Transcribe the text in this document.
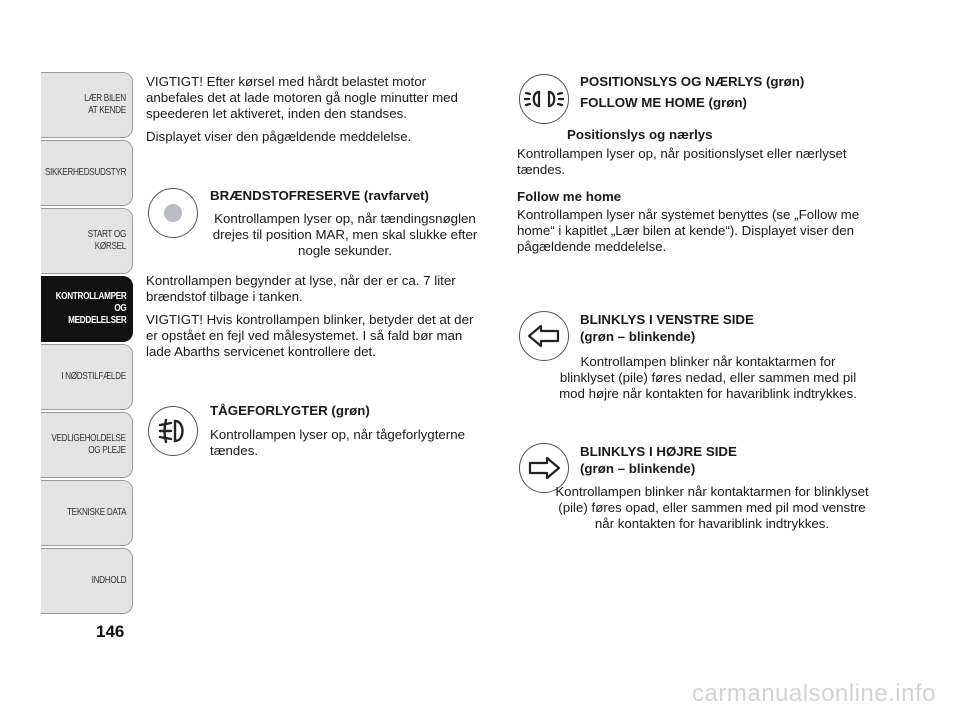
LÆR BILEN
AT KENDE
SIKKERHEDSUDSTYR
START OG KØRSEL
KONTROLLAMPER
OG MEDDELELSER
I NØDSTILFÆLDE
VEDLIGEHOLDELSE
OG PLEJE
TEKNISKE DATA
INDHOLD
146

VIGTIGT! Efter kørsel med hårdt belastet motor anbefales det at lade motoren gå nogle minutter med speederen let aktiveret, inden den standses.

Displayet viser den pågældende meddelelse.

BRÆNDSTOFRESERVE (ravfarvet)

Kontrollampen lyser op, når tændingsnøglen drejes til position MAR, men skal slukke efter nogle sekunder.

Kontrollampen begynder at lyse, når der er ca. 7 liter brændstof tilbage i tanken.

VIGTIGT! Hvis kontrollampen blinker, betyder det at der er opstået en fejl ved målesystemet. I så fald bør man lade Abarths servicenet kontrollere det.

TÅGEFORLYGTER (grøn)

Kontrollampen lyser op, når tågeforlygterne tændes.

POSITIONSLYS OG NÆRLYS (grøn)

FOLLOW ME HOME (grøn)

Positionslys og nærlys

Kontrollampen lyser op, når positionslyset eller nærlyset tændes.

Follow me home

Kontrollampen lyser når systemet benyttes (se „Follow me home“ i kapitlet „Lær bilen at kende“). Displayet viser den pågældende meddelelse.

BLINKLYS I VENSTRE SIDE

(grøn – blinkende)

Kontrollampen blinker når kontaktarmen for blinklyset (pile) føres nedad, eller sammen med pil mod højre når kontakten for havariblink indtrykkes.

BLINKLYS I HØJRE SIDE

(grøn – blinkende)

Kontrollampen blinker når kontaktarmen for blinklyset (pile) føres opad, eller sammen med pil mod venstre når kontakten for havariblink indtrykkes.

carmanualsonline.info
